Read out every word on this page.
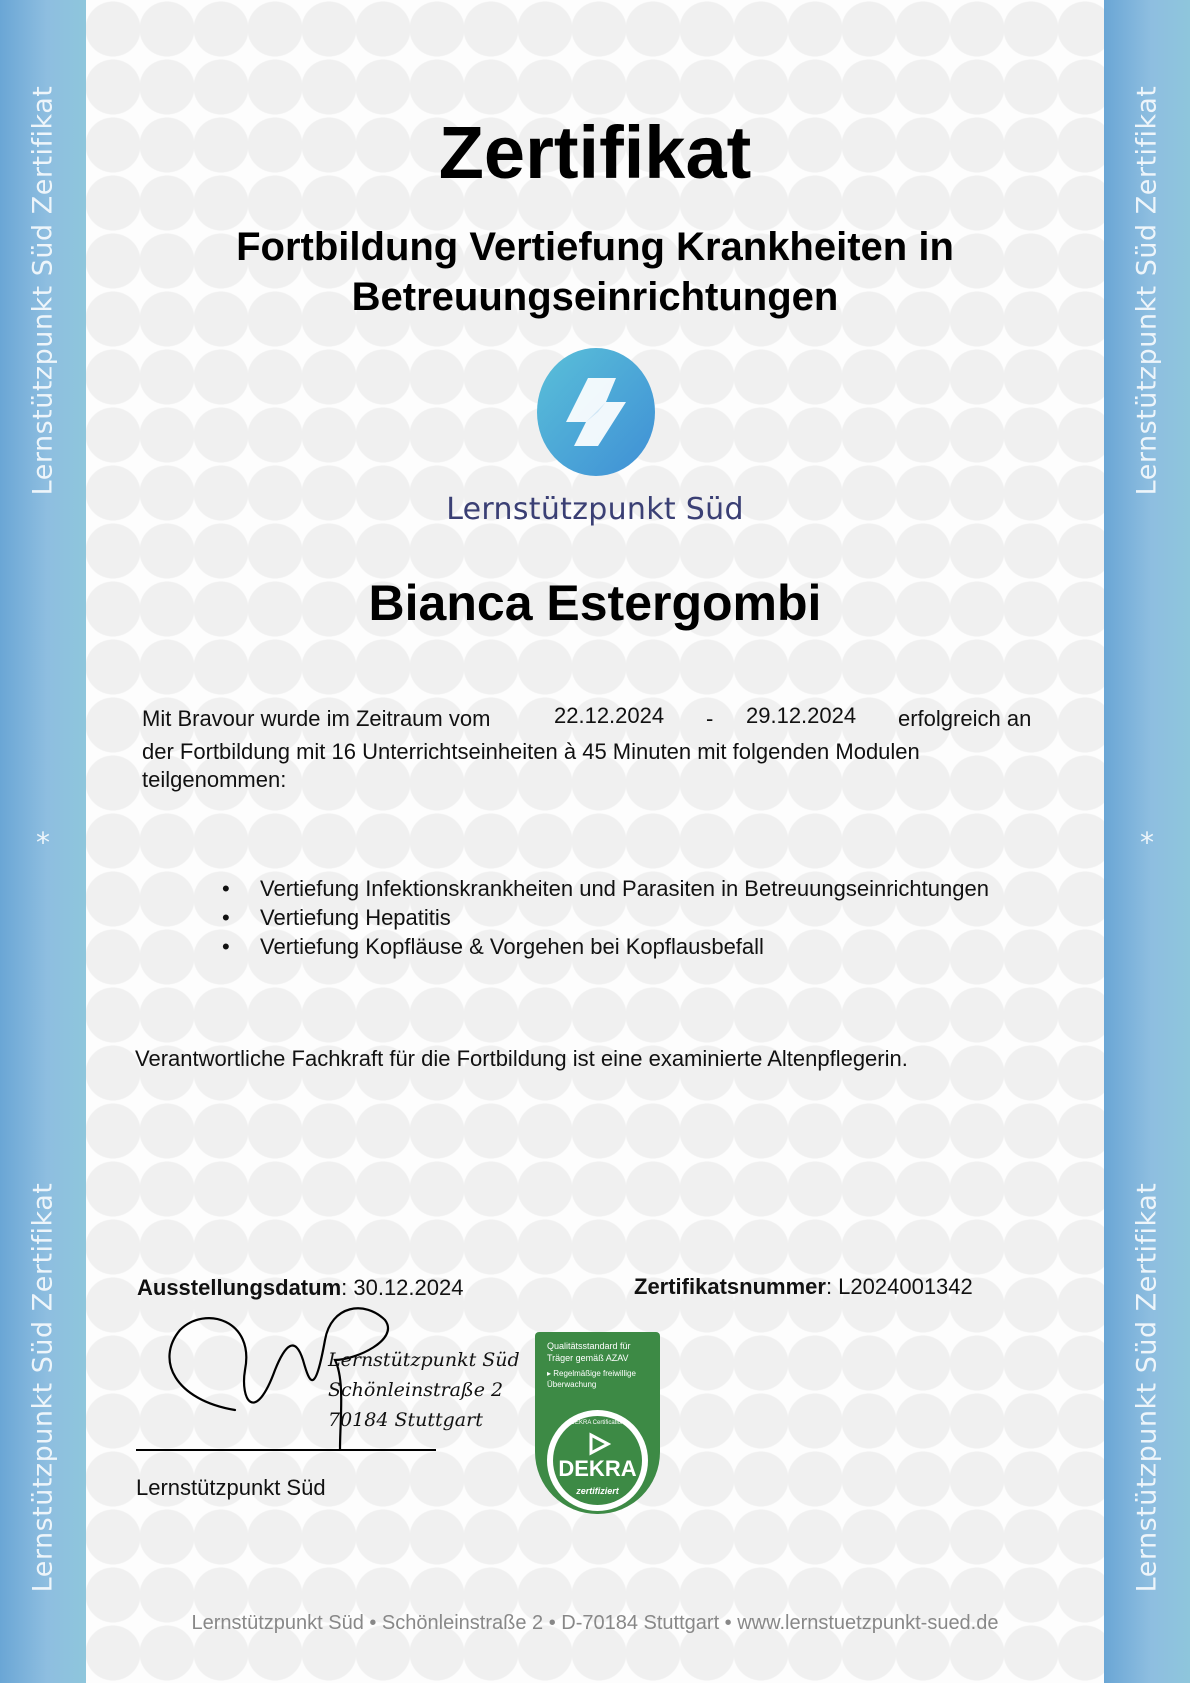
Lernstützpunkt Süd Zertifikat
*
Lernstützpunkt Süd Zertifikat
Lernstützpunkt Süd Zertifikat
*
Lernstützpunkt Süd Zertifikat
Zertifikat
Fortbildung Vertiefung Krankheiten in
Betreuungseinrichtungen
Lernstützpunkt Süd
Bianca Estergombi
Mit Bravour wurde im Zeitraum vom	22.12.2024 - 29.12.2024 erfolgreich an
der Fortbildung mit 16 Unterrichtseinheiten à 45 Minuten mit folgenden Modulen
teilgenommen:
• Vertiefung Infektionskrankheiten und Parasiten in Betreuungseinrichtungen
• Vertiefung Hepatitis
• Vertiefung Kopfläuse & Vorgehen bei Kopflausbefall
Verantwortliche Fachkraft für die Fortbildung ist eine examinierte Altenpflegerin.
Ausstellungsdatum: 30.12.2024	Zertifikatsnummer: L2024001342
Lernstützpunkt Süd
Schönleinstraße 2
70184 Stuttgart
Lernstützpunkt Süd
Qualitätsstandard für
Träger gemäß AZAV
▸ Regelmäßige freiwillige
Überwachung
DEKRA Certification
DEKRA
zertifiziert
Lernstützpunkt Süd • Schönleinstraße 2 • D-70184 Stuttgart • www.lernstuetzpunkt-sued.de
